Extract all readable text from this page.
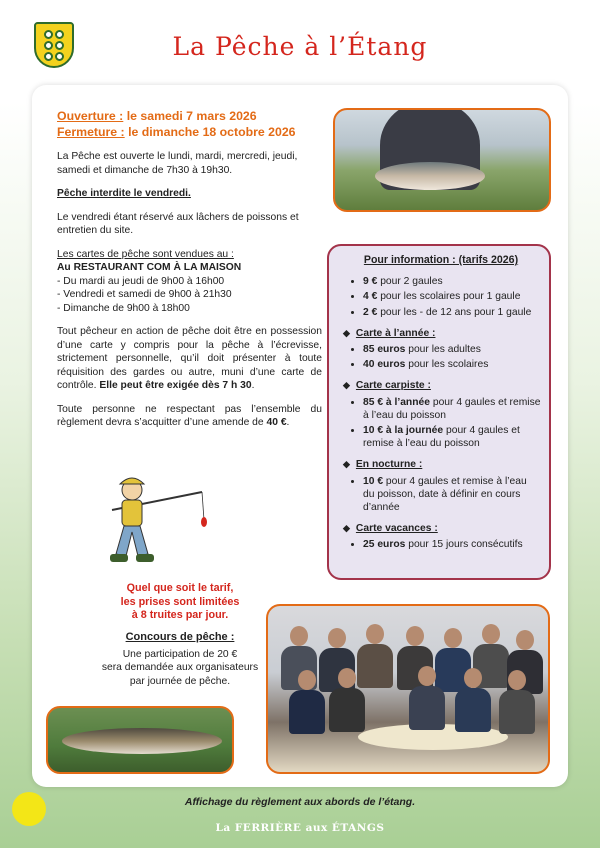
La Pêche à l’Étang
Ouverture : le samedi 7 mars 2026
Fermeture : le dimanche 18 octobre 2026

La Pêche est ouverte le lundi, mardi, mercredi, jeudi, samedi et dimanche de 7h30 à 19h30.

Pêche interdite le vendredi.

Le vendredi étant réservé aux lâchers de poissons et entretien du site.

Les cartes de pêche sont vendues au :
Au RESTAURANT COM À LA MAISON
- Du mardi au jeudi de 9h00 à 16h00
- Vendredi et samedi de 9h00 à 21h30
- Dimanche de 9h00 à 18h00

Tout pêcheur en action de pêche doit être en possession d’une carte y compris pour la pêche à l’écrevisse, strictement personnelle, qu’il doit présenter à toute réquisition des gardes ou autre, muni d’une carte de contrôle. Elle peut être exigée dès 7 h 30.

Toute personne ne respectant pas l’ensemble du règlement devra s’acquitter d’une amende de 40 €.

Pour information : (tarifs 2026)
• 9 € pour 2 gaules
• 4 € pour les scolaires pour 1 gaule
• 2 € pour les - de 12 ans pour 1 gaule
◆ Carte à l’année :
• 85 euros pour les adultes
• 40 euros pour les scolaires
◆ Carte carpiste :
• 85 € à l’année pour 4 gaules et remise à l’eau du poisson
• 10 € à la journée pour 4 gaules et remise à l’eau du poisson
◆ En nocturne :
• 10 € pour 4 gaules et remise à l’eau du poisson, date à définir en cours d’année
◆ Carte vacances :
• 25 euros pour 15 jours consécutifs
Quel que soit le tarif,
les prises sont limitées
à 8 truites par jour.
Concours de pêche :
Une participation de 20 €
sera demandée aux organisateurs
par journée de pêche.
Affichage du règlement aux abords de l’étang.
La FERRIÈRE aux ÉTANGS
